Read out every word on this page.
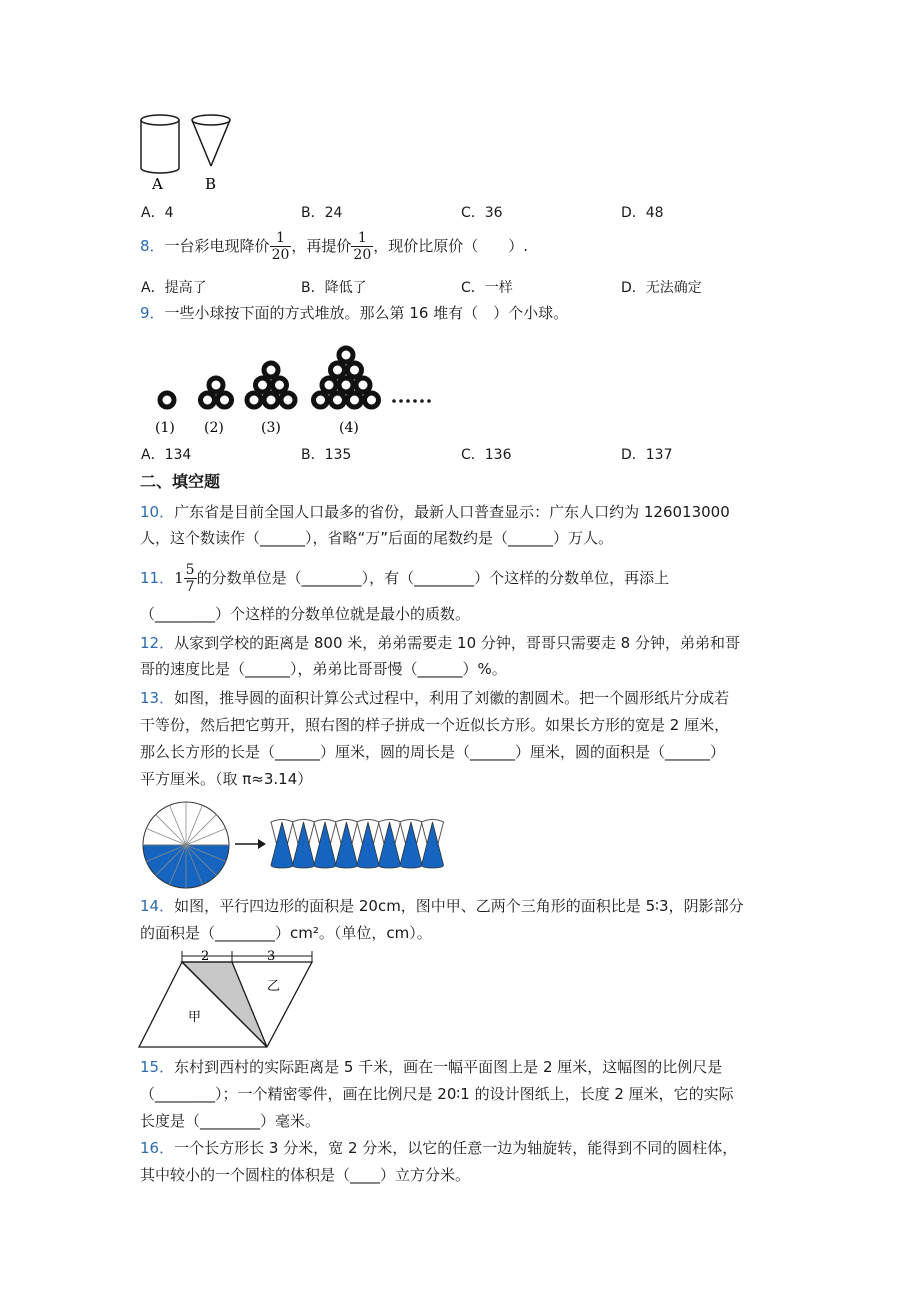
A	B
A．4	B．24	C．36	D．48
8．一台彩电现降价 $\frac{1}{20}$ ，再提价 $\frac{1}{20}$ ，现价比原价（　　）.
A．提高了	B．降低了	C．一样	D．无法确定
9．一些小球按下面的方式堆放。那么第 16 堆有（　）个小球。
(1) (2)	(3)	(4)
A．134	B．135	C．136	D．137
二、填空题
10．广东省是目前全国人口最多的省份，最新人口普查显示：广东人口约为 126013000
人，这个数读作（______），省略“万”后面的尾数约是（______）万人。
11．$1 \frac{5}{7}$ 的分数单位是（________），有（________）个这样的分数单位，再添上
（________）个这样的分数单位就是最小的质数。
12．从家到学校的距离是 800 米，弟弟需要走 10 分钟，哥哥只需要走 8 分钟，弟弟和哥
哥的速度比是（______），弟弟比哥哥慢（______）%。
13．如图，推导圆的面积计算公式过程中，利用了刘徽的割圆术。把一个圆形纸片分成若
干等份，然后把它剪开，照右图的样子拼成一个近似长方形。如果长方形的宽是 2 厘米，
那么长方形的长是（______）厘米，圆的周长是（______）厘米，圆的面积是（______）
平方厘米。（取 π≈3.14）
14．如图，平行四边形的面积是 20cm，图中甲、乙两个三角形的面积比是 5∶3，阴影部分
的面积是（________）cm²。（单位，cm）。
2	3
甲
乙
15．东村到西村的实际距离是 5 千米，画在一幅平面图上是 2 厘米，这幅图的比例尺是
（________）；一个精密零件，画在比例尺是 20∶1 的设计图纸上，长度 2 厘米，它的实际
长度是（________）毫米。
16．一个长方形长 3 分米，宽 2 分米，以它的任意一边为轴旋转，能得到不同的圆柱体，
其中较小的一个圆柱的体积是（____）立方分米。
